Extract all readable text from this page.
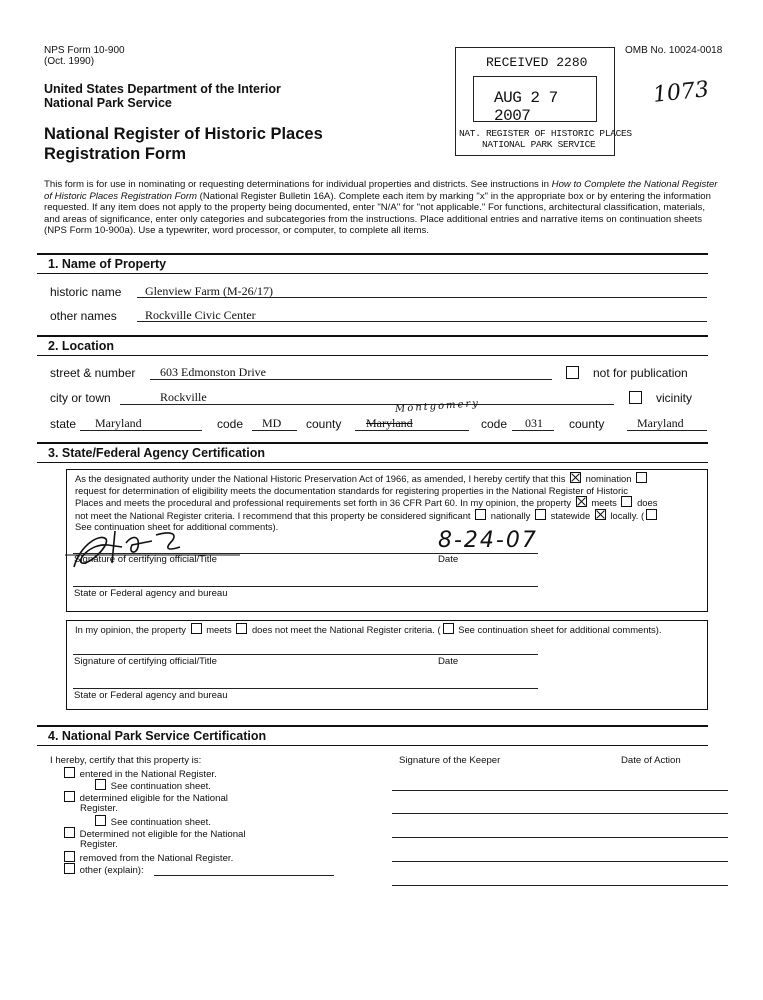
NPS Form 10-900
(Oct. 1990)
OMB No. 10024-0018
United States Department of the Interior
National Park Service
National Register of Historic Places
Registration Form
1073
RECEIVED 2280
AUG 2 7 2007
NAT. REGISTER OF HISTORIC PLACES
NATIONAL PARK SERVICE
This form is for use in nominating or requesting determinations for individual properties and districts. See instructions in How to Complete the National Register of Historic Places Registration Form (National Register Bulletin 16A). Complete each item by marking "x" in the appropriate box or by entering the information requested. If any item does not apply to the property being documented, enter "N/A" for "not applicable." For functions, architectural classification, materials, and areas of significance, enter only categories and subcategories from the instructions. Place additional entries and narrative items on continuation sheets (NPS Form 10-900a). Use a typewriter, word processor, or computer, to complete all items.
1. Name of Property
historic name Glenview Farm (M-26/17)
other names Rockville Civic Center
2. Location
street & number 603 Edmonston Drive	not for publication
city or town	Rockville	vicinity
state Maryland	code MD county Maryland
Montgomery
code 031 county	Maryland
3. State/Federal Agency Certification
As the designated authority under the National Historic Preservation Act of 1966, as amended, I hereby certify that this nomination
request for determination of eligibility meets the documentation standards for registering properties in the National Register of Historic
Places and meets the procedural and professional requirements set forth in 36 CFR Part 60. In my opinion, the property meets does
not meet the National Register criteria. I recommend that this property be considered significant nationally statewide locally. (
See continuation sheet for additional comments).
Signature of certifying official/Title
8-24-07
Date
State or Federal agency and bureau
In my opinion, the property meets does not meet the National Register criteria. ( See continuation sheet for additional comments).
Signature of certifying official/Title	Date
State or Federal agency and bureau
4. National Park Service Certification
I hereby, certify that this property is:
entered in the National Register.
See continuation sheet.
determined eligible for the National
Register.
See continuation sheet.
Determined not eligible for the National
Register.
removed from the National Register.
other (explain):
Signature of the Keeper	Date of Action
